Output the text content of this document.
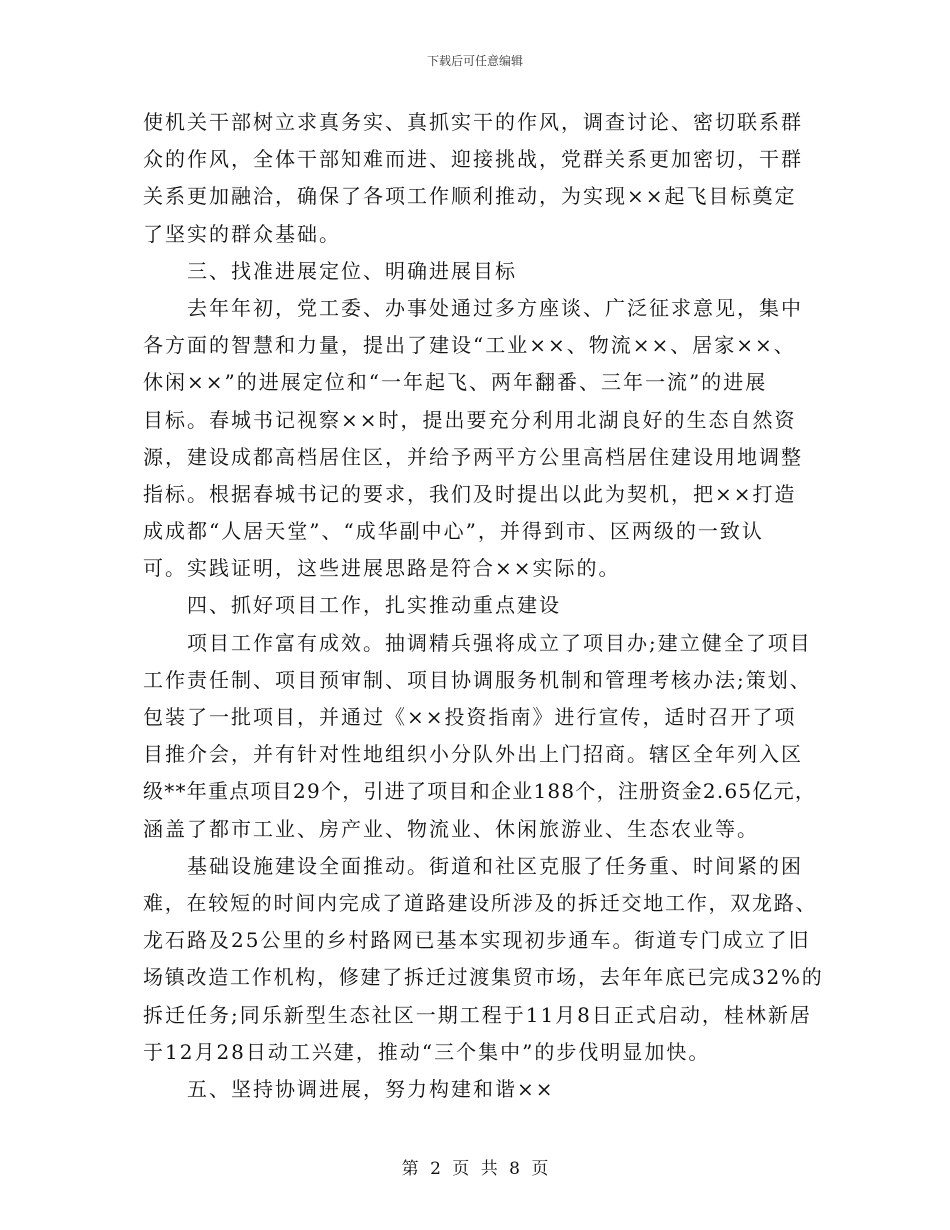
下载后可任意编辑
使机关干部树立求真务实、真抓实干的作风，调查讨论、密切联系群
众的作风，全体干部知难而进、迎接挑战，党群关系更加密切，干群
关系更加融洽，确保了各项工作顺利推动，为实现××起飞目标奠定
了坚实的群众基础。
三、找准进展定位、明确进展目标
去年年初，党工委、办事处通过多方座谈、广泛征求意见，集中
各方面的智慧和力量，提出了建设“工业××、物流××、居家××、
休闲××”的进展定位和“一年起飞、两年翻番、三年一流”的进展
目标。春城书记视察××时，提出要充分利用北湖良好的生态自然资
源，建设成都高档居住区，并给予两平方公里高档居住建设用地调整
指标。根据春城书记的要求，我们及时提出以此为契机，把××打造
成成都“人居天堂”、“成华副中心”，并得到市、区两级的一致认
可。实践证明，这些进展思路是符合××实际的。
四、抓好项目工作，扎实推动重点建设
项目工作富有成效。抽调精兵强将成立了项目办;建立健全了项目
工作责任制、项目预审制、项目协调服务机制和管理考核办法;策划、
包装了一批项目，并通过《××投资指南》进行宣传，适时召开了项
目推介会，并有针对性地组织小分队外出上门招商。辖区全年列入区
级**年重点项目29个，引进了项目和企业188个，注册资金2.65亿元，
涵盖了都市工业、房产业、物流业、休闲旅游业、生态农业等。
基础设施建设全面推动。街道和社区克服了任务重、时间紧的困
难，在较短的时间内完成了道路建设所涉及的拆迁交地工作，双龙路、
龙石路及25公里的乡村路网已基本实现初步通车。街道专门成立了旧
场镇改造工作机构，修建了拆迁过渡集贸市场，去年年底已完成32%的
拆迁任务;同乐新型生态社区一期工程于11月8日正式启动，桂林新居
于12月28日动工兴建，推动“三个集中”的步伐明显加快。
五、坚持协调进展，努力构建和谐××
第 2 页 共 8 页
